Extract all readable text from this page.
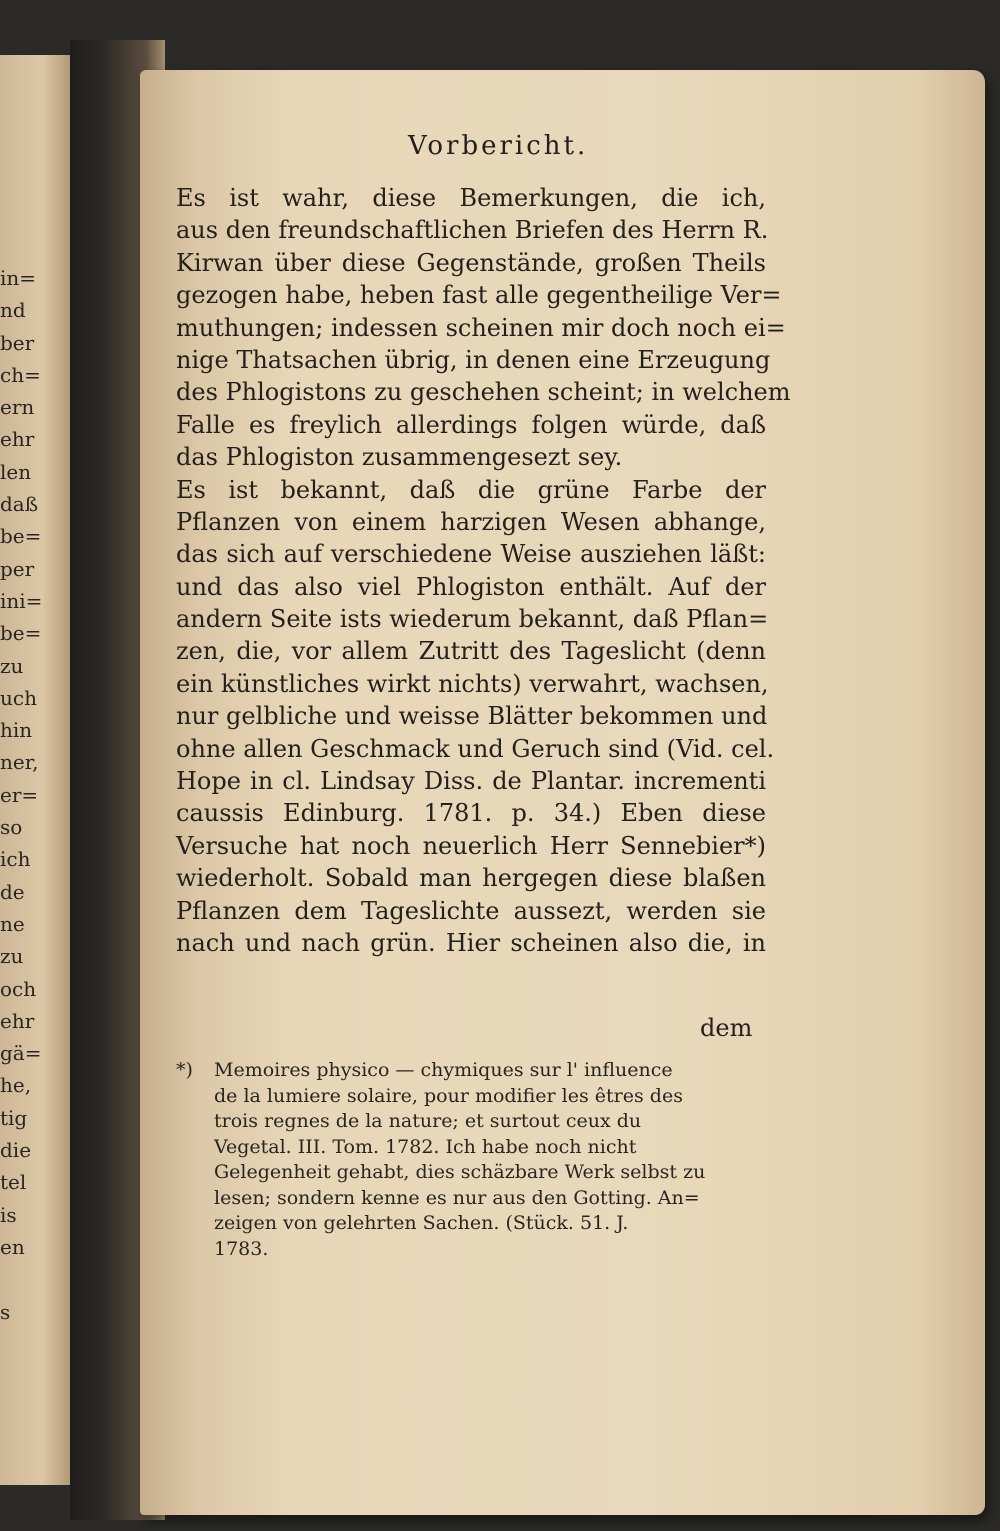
in=
nd
ber
ch=
ern
ehr
len
daß
be=
per
ini=
be=
zu
uch
hin
ner,
er=
so
ich
de
ne
zu
och
ehr
gä=
he,
tig
die
tel
is
en

s
Vorbericht.
Es ist wahr, diese Bemerkungen, die ich,
aus den freundschaftlichen Briefen des Herrn R.
Kirwan über diese Gegenstände, großen Theils
gezogen habe, heben fast alle gegentheilige Ver=
muthungen; indessen scheinen mir doch noch ei=
nige Thatsachen übrig, in denen eine Erzeugung
des Phlogistons zu geschehen scheint; in welchem
Falle es freylich allerdings folgen würde, daß
das Phlogiston zusammengesezt sey.
Es ist bekannt, daß die grüne Farbe der
Pflanzen von einem harzigen Wesen abhange,
das sich auf verschiedene Weise ausziehen läßt:
und das also viel Phlogiston enthält. Auf der
andern Seite ists wiederum bekannt, daß Pflan=
zen, die, vor allem Zutritt des Tageslicht (denn
ein künstliches wirkt nichts) verwahrt, wachsen,
nur gelbliche und weisse Blätter bekommen und
ohne allen Geschmack und Geruch sind (Vid. cel.
Hope in cl. Lindsay Diss. de Plantar. incrementi
caussis Edinburg. 1781. p. 34.) Eben diese
Versuche hat noch neuerlich Herr Sennebier*)
wiederholt. Sobald man hergegen diese blaßen
Pflanzen dem Tageslichte aussezt, werden sie
nach und nach grün. Hier scheinen also die, in
dem
*) Memoires physico — chymiques sur l' influence
de la lumiere solaire, pour modifier les êtres des
trois regnes de la nature; et surtout ceux du
Vegetal. III. Tom. 1782. Ich habe noch nicht
Gelegenheit gehabt, dies schäzbare Werk selbst zu
lesen; sondern kenne es nur aus den Gotting. An=
zeigen von gelehrten Sachen. (Stück. 51. J.
1783.
